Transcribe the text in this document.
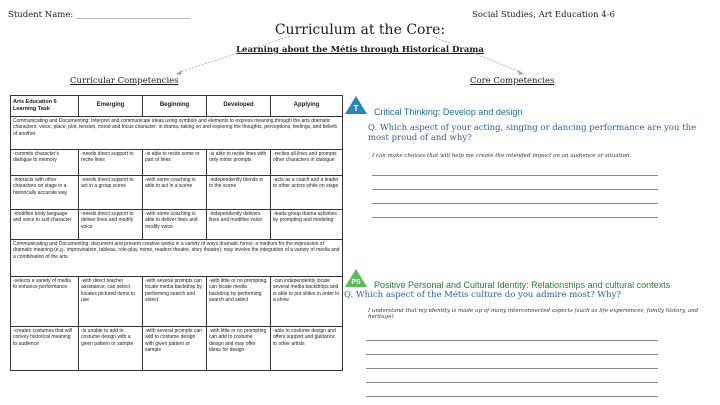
Student Name: ___________________________	Social Studies, Art Education 4-6
Curriculum at the Core:
Learning about the Métis through Historical Drama
Curricular Competencies
Arts Education 6 Learning Task	Emerging	Beginning	Developed	Applying
Communicating and Documenting: Interpret and communicate ideas using symbols and elements to express meaning through the arts dramatic characters: voice, place, plot, tension, mood and focus character: in drama, taking on and exploring the thoughts, perceptions, feelings, and beliefs of another				
-commits character's dialogue to memory	-needs direct support to recite lines	-is able to recite some or part of lines	-is able to recite lines with only minor prompts	-recites all lines and prompts other characters in dialogue
-interacts with other characters on stage in a historically accurate way	-needs direct support to act in a group scene	-with some coaching is able to act in a scene	-independently blends in to the scene	-acts as a coach and a leader to other actors while on stage
-modifies body language and voice to suit character	-needs direct support to deliver lines and modify voice	-with some coaching is able to deliver lines and modify voice	-independently delivers lines and modifies voice	-leads group drama activities by prompting and modeling
Communicating and Documenting: document and present creative works in a variety of ways dramatic forms: a medium for the expression of dramatic meaning (e.g., improvisation, tableau, role-play, mime, readers theatre, story theatre); may involve the integration of a variety of media and a combination of the arts				
-selects a variety of media to enhance performance	-with direct teacher assistance, can select locates pictured items to use	-with several prompts can locate media backdrop by performing search and select	-with little or no prompting, can locate media backdrop by performing search and select	-can independently locate several media backdrops and is able to put slides in order in a show
-creates costumes that will convey historical meaning to audience	-is unable to add to costume design with a given pattern or sample	-with several prompts can add to costume design with given pattern or sample	-with little or no prompting can add to costume design and may offer ideas for design	-able to costume design and offers support and guidance to other artists
Core Competencies
T Critical Thinking: Develop and design
Q. Which aspect of your acting, singing or dancing performance are you the most proud of and why?
I can make choices that will help me create the intended impact on an audience or situation.
PS Positive Personal and Cultural Identity: Relationships and cultural contexts
Q. Which aspect of the Métis culture do you admire most? Why?
I understand that my identity is made up of many interconnected aspects (such as life experiences, family history, and heritage)
